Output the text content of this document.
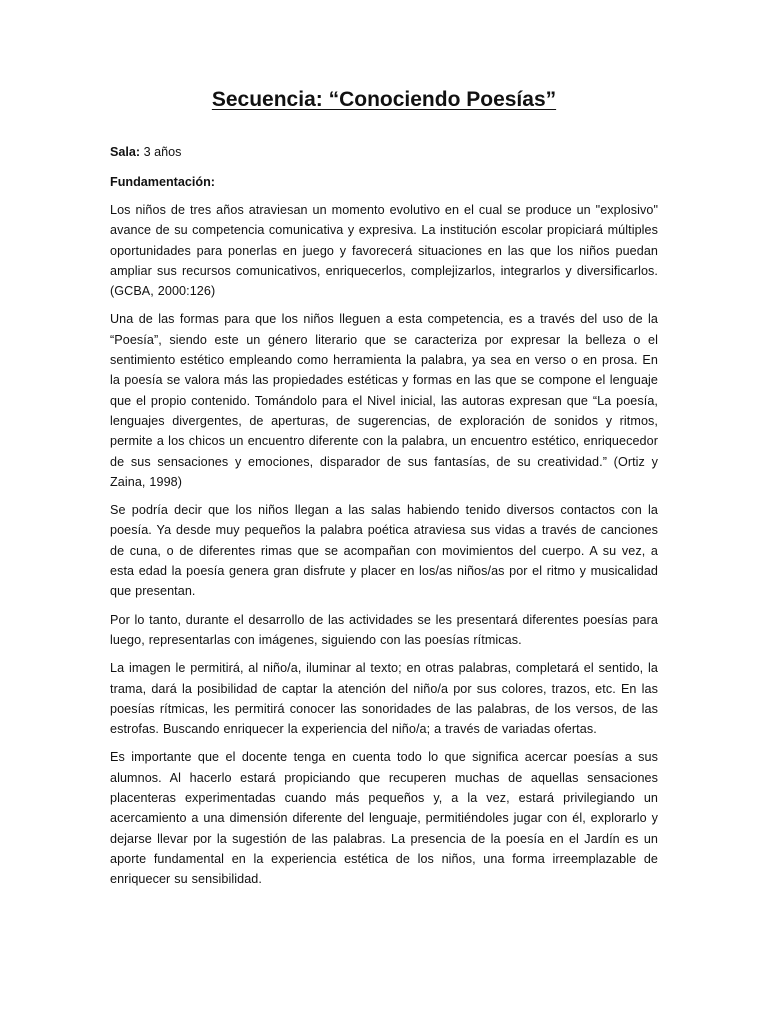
Secuencia: “Conociendo Poesías”

Sala: 3 años

Fundamentación:

Los niños de tres años atraviesan un momento evolutivo en el cual se produce un "explosivo" avance de su competencia comunicativa y expresiva. La institución escolar propiciará múltiples oportunidades para ponerlas en juego y favorecerá situaciones en las que los niños puedan ampliar sus recursos comunicativos, enriquecerlos, complejizarlos, integrarlos y diversificarlos. (GCBA, 2000:126)

Una de las formas para que los niños lleguen a esta competencia, es a través del uso de la “Poesía”, siendo este un género literario que se caracteriza por expresar la belleza o el sentimiento estético empleando como herramienta la palabra, ya sea en verso o en prosa. En la poesía se valora más las propiedades estéticas y formas en las que se compone el lenguaje que el propio contenido. Tomándolo para el Nivel inicial, las autoras expresan que “La poesía, lenguajes divergentes, de aperturas, de sugerencias, de exploración de sonidos y ritmos, permite a los chicos un encuentro diferente con la palabra, un encuentro estético, enriquecedor de sus sensaciones y emociones, disparador de sus fantasías, de su creatividad.” (Ortiz y Zaina, 1998)

Se podría decir que los niños llegan a las salas habiendo tenido diversos contactos con la poesía. Ya desde muy pequeños la palabra poética atraviesa sus vidas a través de canciones de cuna, o de diferentes rimas que se acompañan con movimientos del cuerpo. A su vez, a esta edad la poesía genera gran disfrute y placer en los/as niños/as por el ritmo y musicalidad que presentan.

Por lo tanto, durante el desarrollo de las actividades se les presentará diferentes poesías para luego, representarlas con imágenes, siguiendo con las poesías rítmicas.

La imagen le permitirá, al niño/a, iluminar al texto; en otras palabras, completará el sentido, la trama, dará la posibilidad de captar la atención del niño/a por sus colores, trazos, etc. En las poesías rítmicas, les permitirá conocer las sonoridades de las palabras, de los versos, de las estrofas. Buscando enriquecer la experiencia del niño/a; a través de variadas ofertas.

Es importante que el docente tenga en cuenta todo lo que significa acercar poesías a sus alumnos. Al hacerlo estará propiciando que recuperen muchas de aquellas sensaciones placenteras experimentadas cuando más pequeños y, a la vez, estará privilegiando un acercamiento a una dimensión diferente del lenguaje, permitiéndoles jugar con él, explorarlo y dejarse llevar por la sugestión de las palabras. La presencia de la poesía en el Jardín es un aporte fundamental en la experiencia estética de los niños, una forma irreemplazable de enriquecer su sensibilidad.
